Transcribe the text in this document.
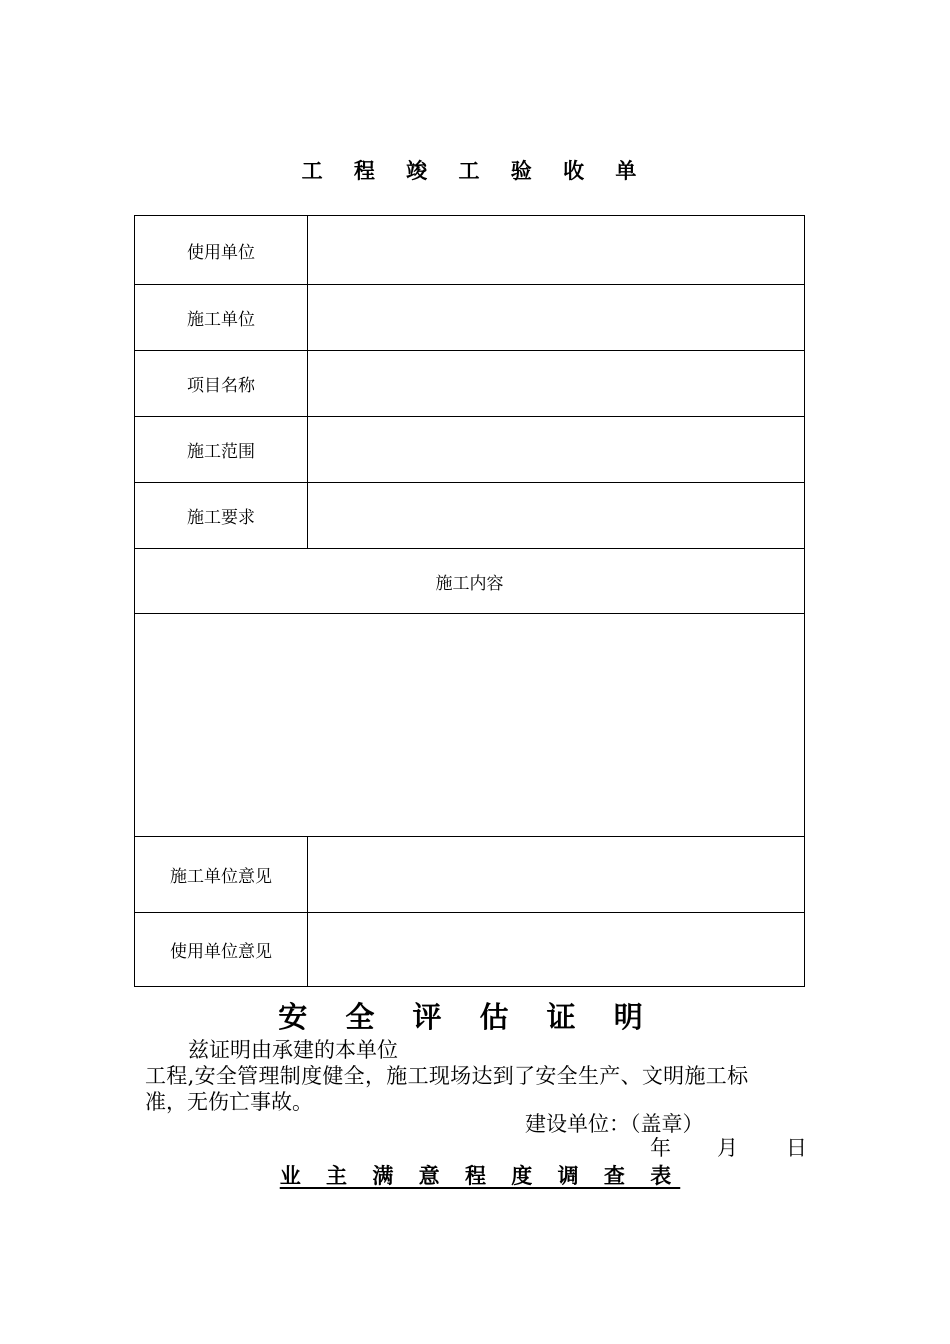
工 程 竣 工 验 收 单
使用单位	
施工单位	
项目名称	
施工范围	
施工要求	
施工内容	

施工单位意见	
使用单位意见	
安 全 评 估 证 明

兹证明由承建的本单位

工程,安全管理制度健全，施工现场达到了安全生产、文明施工标

准，无伤亡事故。

建设单位：（盖章）

年 月 日
业 主 满 意 程 度 调 查 表
